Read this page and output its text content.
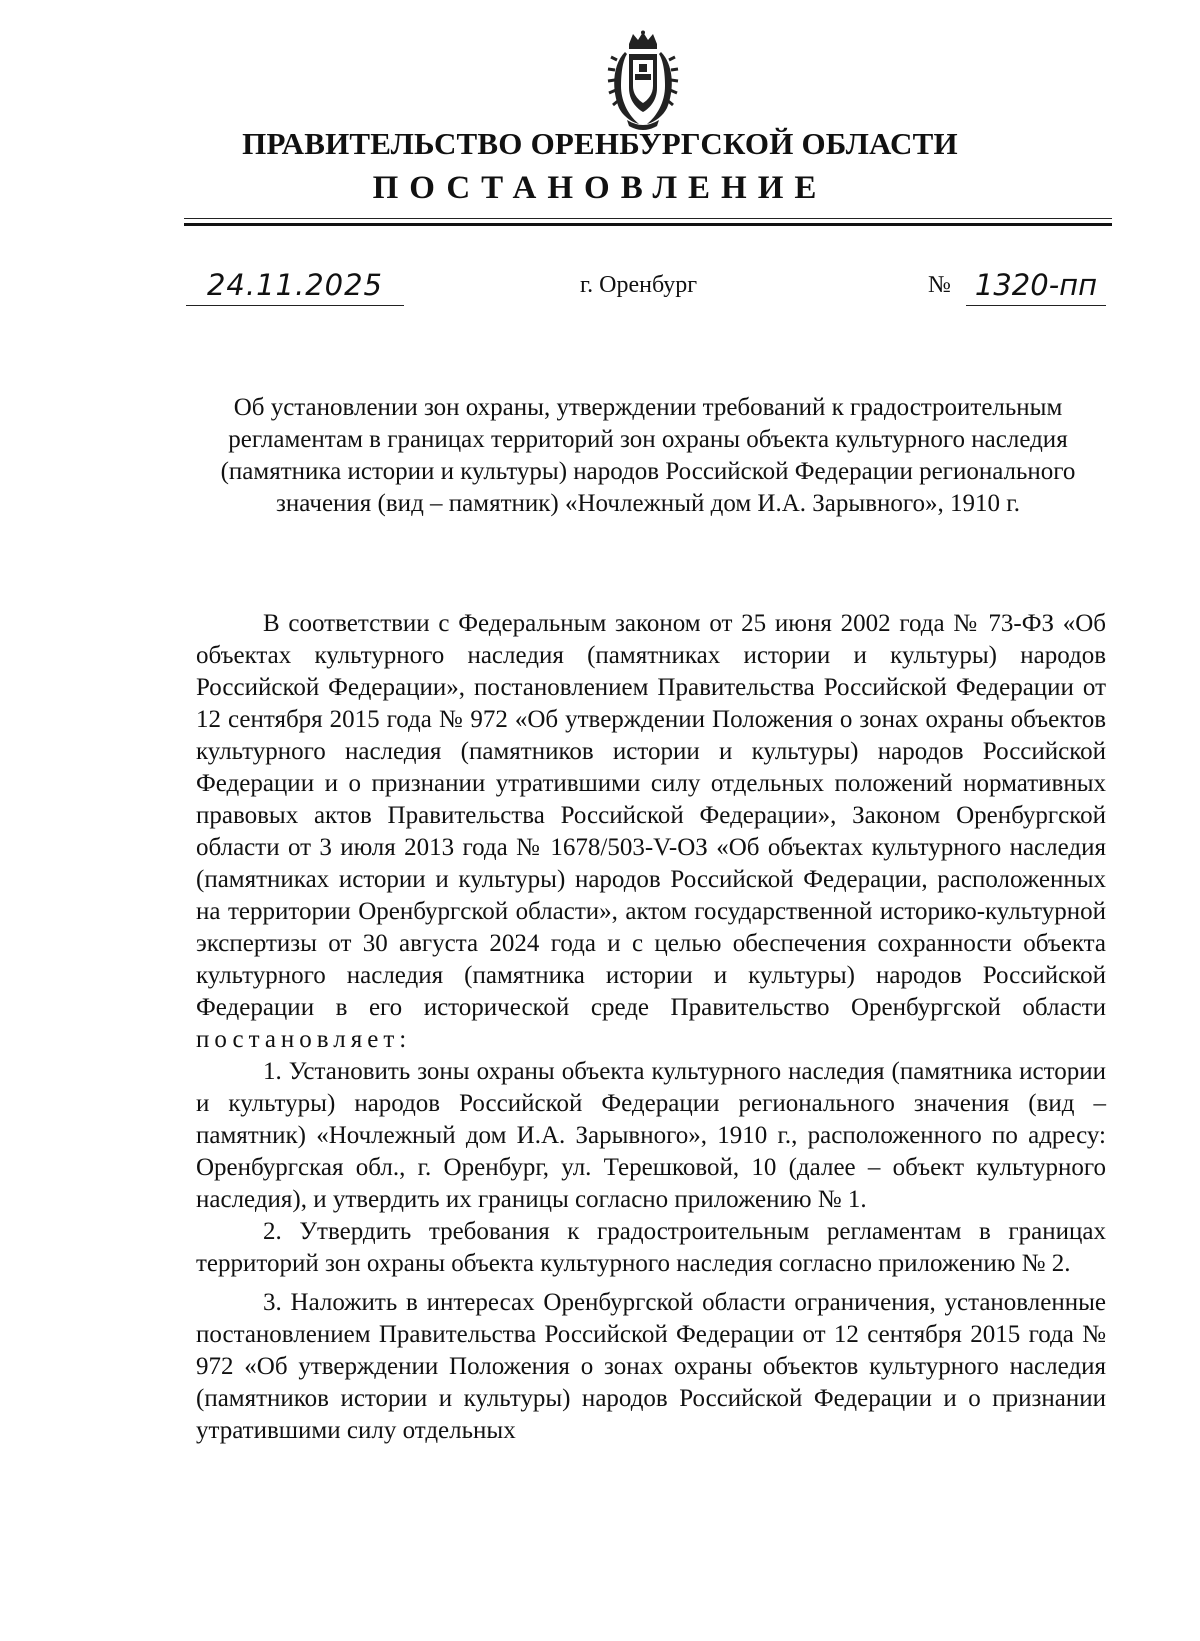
ПРАВИТЕЛЬСТВО ОРЕНБУРГСКОЙ ОБЛАСТИ
ПОСТАНОВЛЕНИЕ
24.11.2025	г. Оренбург	№ 1320-пп
Об установлении зон охраны, утверждении требований к градостроительным регламентам в границах территорий зон охраны объекта культурного наследия (памятника истории и культуры) народов Российской Федерации регионального значения (вид – памятник) «Ночлежный дом И.А. Зарывного», 1910 г.

В соответствии с Федеральным законом от 25 июня 2002 года № 73-ФЗ «Об объектах культурного наследия (памятниках истории и культуры) народов Российской Федерации», постановлением Правительства Российской Федерации от 12 сентября 2015 года № 972 «Об утверждении Положения о зонах охраны объектов культурного наследия (памятников истории и культуры) народов Российской Федерации и о признании утратившими силу отдельных положений нормативных правовых актов Правительства Российской Федерации», Законом Оренбургской области от 3 июля 2013 года № 1678/503-V-ОЗ «Об объектах культурного наследия (памятниках истории и культуры) народов Российской Федерации, расположенных на территории Оренбургской области», актом государственной историко-культурной экспертизы от 30 августа 2024 года и с целью обеспечения сохранности объекта культурного наследия (памятника истории и культуры) народов Российской Федерации в его исторической среде Правительство Оренбургской области постановляет:

1. Установить зоны охраны объекта культурного наследия (памятника истории и культуры) народов Российской Федерации регионального значения (вид – памятник) «Ночлежный дом И.А. Зарывного», 1910 г., расположенного по адресу: Оренбургская обл., г. Оренбург, ул. Терешковой, 10 (далее – объект культурного наследия), и утвердить их границы согласно приложению № 1.

2. Утвердить требования к градостроительным регламентам в границах территорий зон охраны объекта культурного наследия согласно приложению № 2.

3. Наложить в интересах Оренбургской области ограничения, установленные постановлением Правительства Российской Федерации от 12 сентября 2015 года № 972 «Об утверждении Положения о зонах охраны объектов культурного наследия (памятников истории и культуры) народов Российской Федерации и о признании утратившими силу отдельных
